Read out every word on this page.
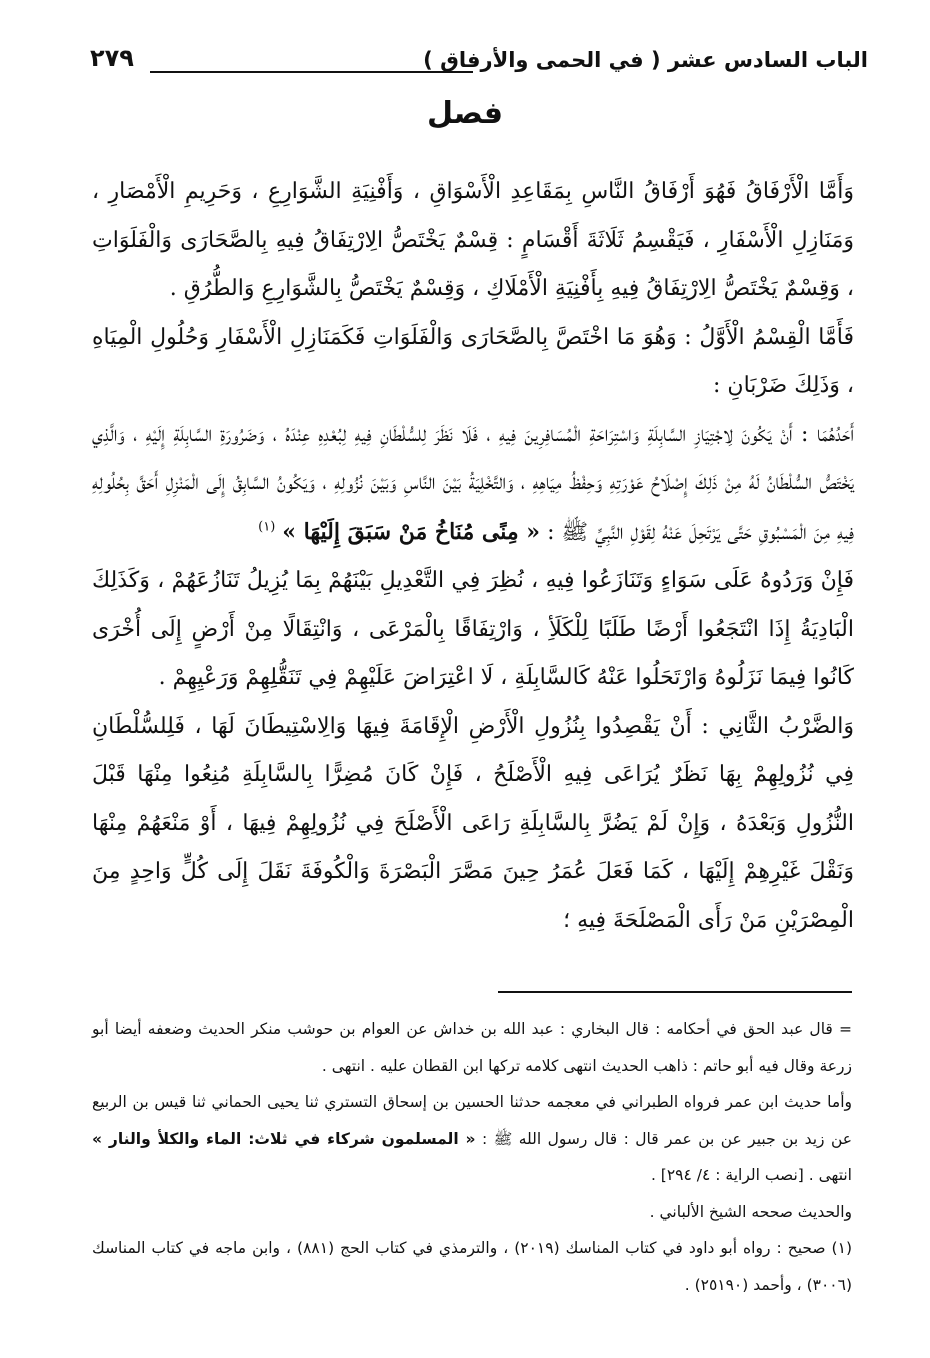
الباب السادس عشر ( في الحمى والأرفاق )
٢٧٩
فصل

وَأَمَّا الْأَرْفَاقُ فَهُوَ أَرْفَاقُ النَّاسِ بِمَقَاعِدِ الْأَسْوَاقِ ، وَأَفْنِيَةِ الشَّوَارِعِ ، وَحَرِيمِ الْأَمْصَارِ ، وَمَنَازِلِ الْأَسْفَارِ ، فَيَقْسِمُ ثَلَاثَةَ أَقْسَامٍ : قِسْمٌ يَخْتَصُّ الِارْتِفَاقُ فِيهِ بِالصَّحَارَى وَالْفَلَوَاتِ ، وَقِسْمٌ يَخْتَصُّ الِارْتِفَاقُ فِيهِ بِأَفْنِيَةِ الْأَمْلَاكِ ، وَقِسْمٌ يَخْتَصُّ بِالشَّوَارِعِ وَالطُّرُقِ .

فَأَمَّا الْقِسْمُ الْأَوَّلُ : وَهُوَ مَا اخْتَصَّ بِالصَّحَارَى وَالْفَلَوَاتِ فَكَمَنَازِلِ الْأَسْفَارِ وَحُلُولِ الْمِيَاهِ ، وَذَلِكَ ضَرْبَانِ :

أَحَدُهُمَا : أَنْ يَكُونَ لِاجْتِيَازِ السَّابِلَةِ وَاسْتِرَاحَةِ الْمُسَافِرِينَ فِيهِ ، فَلَا نَظَرَ لِلسُّلْطَانِ فِيهِ لِبُعْدِهِ عِنْدَهُ ، وَضَرُورَةِ السَّابِلَةِ إِلَيْهِ ، وَالَّذِي يَخْتَصُّ السُّلْطَانُ لَهُ مِنْ ذَلِكَ إِصْلَاحُ عَوْرَتِهِ وَحِفْظُ مِيَاهِهِ ، وَالتَّخْلِيَةُ بَيْنَ النَّاسِ وَبَيْنَ نُزُولِهِ ، وَيَكُونُ السَّابِقُ إِلَى الْمَنْزِلِ أَحَقَّ بِحُلُولِهِ فِيهِ مِنَ الْمَسْبُوقِ حَتَّى يَرْتَحِلَ عَنْهُ لِقَوْلِ النَّبِيِّ ﷺ : « مِنًى مُنَاخُ مَنْ سَبَقَ إِلَيْهَا » $^{(١)}$

فَإِنْ وَرَدُوهُ عَلَى سَوَاءٍ وَتَنَازَعُوا فِيهِ ، نُظِرَ فِي التَّعْدِيلِ بَيْنَهُمْ بِمَا يُزِيلُ تَنَازُعَهُمْ ، وَكَذَلِكَ الْبَادِيَةُ إِذَا انْتَجَعُوا أَرْضًا طَلَبًا لِلْكَلَأِ ، وَارْتِفَاقًا بِالْمَرْعَى ، وَانْتِقَالًا مِنْ أَرْضٍ إِلَى أُخْرَى كَانُوا فِيمَا نَزَلُوهُ وَارْتَحَلُوا عَنْهُ كَالسَّابِلَةِ ، لَا اعْتِرَاضَ عَلَيْهِمْ فِي تَنَقُّلِهِمْ وَرَعْيِهِمْ .

وَالضَّرْبُ الثَّانِي : أَنْ يَقْصِدُوا بِنُزُولِ الْأَرْضِ الْإِقَامَةَ فِيهَا وَالِاسْتِيطَانَ لَهَا ، فَلِلسُّلْطَانِ فِي نُزُولِهِمْ بِهَا نَظَرٌ يُرَاعَى فِيهِ الْأَصْلَحُ ، فَإِنْ كَانَ مُضِرًّا بِالسَّابِلَةِ مُنِعُوا مِنْهَا قَبْلَ النُّزُولِ وَبَعْدَهُ ، وَإِنْ لَمْ يَضُرَّ بِالسَّابِلَةِ رَاعَى الْأَصْلَحَ فِي نُزُولِهِمْ فِيهَا ، أَوْ مَنْعَهُمْ مِنْهَا وَنَقْلَ غَيْرِهِمْ إِلَيْهَا ، كَمَا فَعَلَ عُمَرُ حِينَ مَصَّرَ الْبَصْرَةَ وَالْكُوفَةَ نَقَلَ إِلَى كُلٍّ وَاحِدٍ مِنَ الْمِصْرَيْنِ مَنْ رَأَى الْمَصْلَحَةَ فِيهِ ؛

= قال عبد الحق في أحكامه : قال البخاري : عبد الله بن خداش عن العوام بن حوشب منكر الحديث وضعفه أيضا أبو زرعة وقال فيه أبو حاتم : ذاهب الحديث انتهى كلامه تركها ابن القطان عليه . انتهى .

وأما حديث ابن عمر فرواه الطبراني في معجمه حدثنا الحسين بن إسحاق التستري ثنا يحيى الحماني ثنا قيس بن الربيع عن زيد بن جبير عن بن عمر قال : قال رسول الله ﷺ : « المسلمون شركاء في ثلاث: الماء والكلأ والنار » انتهى . [نصب الراية : ٤/ ٢٩٤] .

والحديث صححه الشيخ الألباني .

(١) صحيح : رواه أبو داود في كتاب المناسك (٢٠١٩) ، والترمذي في كتاب الحج (٨٨١) ، وابن ماجه في كتاب المناسك (٣٠٠٦) ، وأحمد (٢٥١٩٠) .
